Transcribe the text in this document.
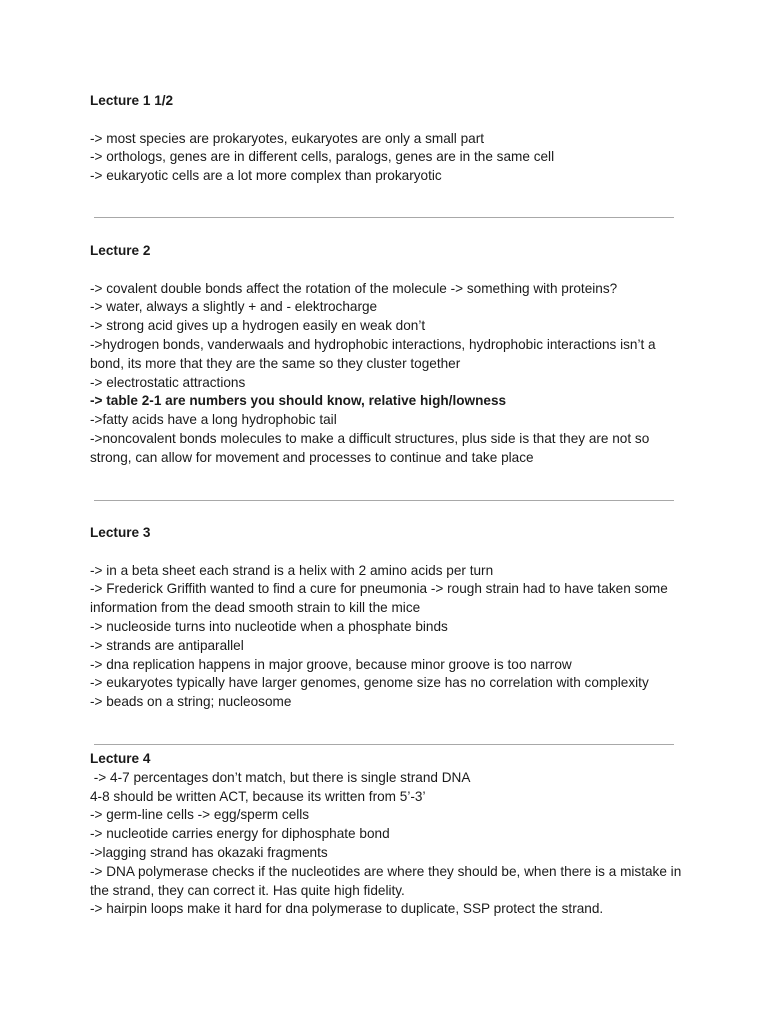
Lecture 1 1/2

-> most species are prokaryotes, eukaryotes are only a small part

-> orthologs, genes are in different cells, paralogs, genes are in the same cell

-> eukaryotic cells are a lot more complex than prokaryotic

Lecture 2

-> covalent double bonds affect the rotation of the molecule -> something with proteins?

-> water, always a slightly + and - elektrocharge

-> strong acid gives up a hydrogen easily en weak don’t

->hydrogen bonds, vanderwaals and hydrophobic interactions, hydrophobic interactions isn’t a bond, its more that they are the same so they cluster together

-> electrostatic attractions

-> table 2-1 are numbers you should know, relative high/lowness

->fatty acids have a long hydrophobic tail

->noncovalent bonds molecules to make a difficult structures, plus side is that they are not so strong, can allow for movement and processes to continue and take place

Lecture 3

-> in a beta sheet each strand is a helix with 2 amino acids per turn

-> Frederick Griffith wanted to find a cure for pneumonia -> rough strain had to have taken some information from the dead smooth strain to kill the mice

-> nucleoside turns into nucleotide when a phosphate binds

-> strands are antiparallel

-> dna replication happens in major groove, because minor groove is too narrow

-> eukaryotes typically have larger genomes, genome size has no correlation with complexity

-> beads on a string; nucleosome

Lecture 4

-> 4-7 percentages don’t match, but there is single strand DNA

4-8 should be written ACT, because its written from 5’-3’

-> germ-line cells -> egg/sperm cells

-> nucleotide carries energy for diphosphate bond

->lagging strand has okazaki fragments

-> DNA polymerase checks if the nucleotides are where they should be, when there is a mistake in the strand, they can correct it. Has quite high fidelity.

-> hairpin loops make it hard for dna polymerase to duplicate, SSP protect the strand.
